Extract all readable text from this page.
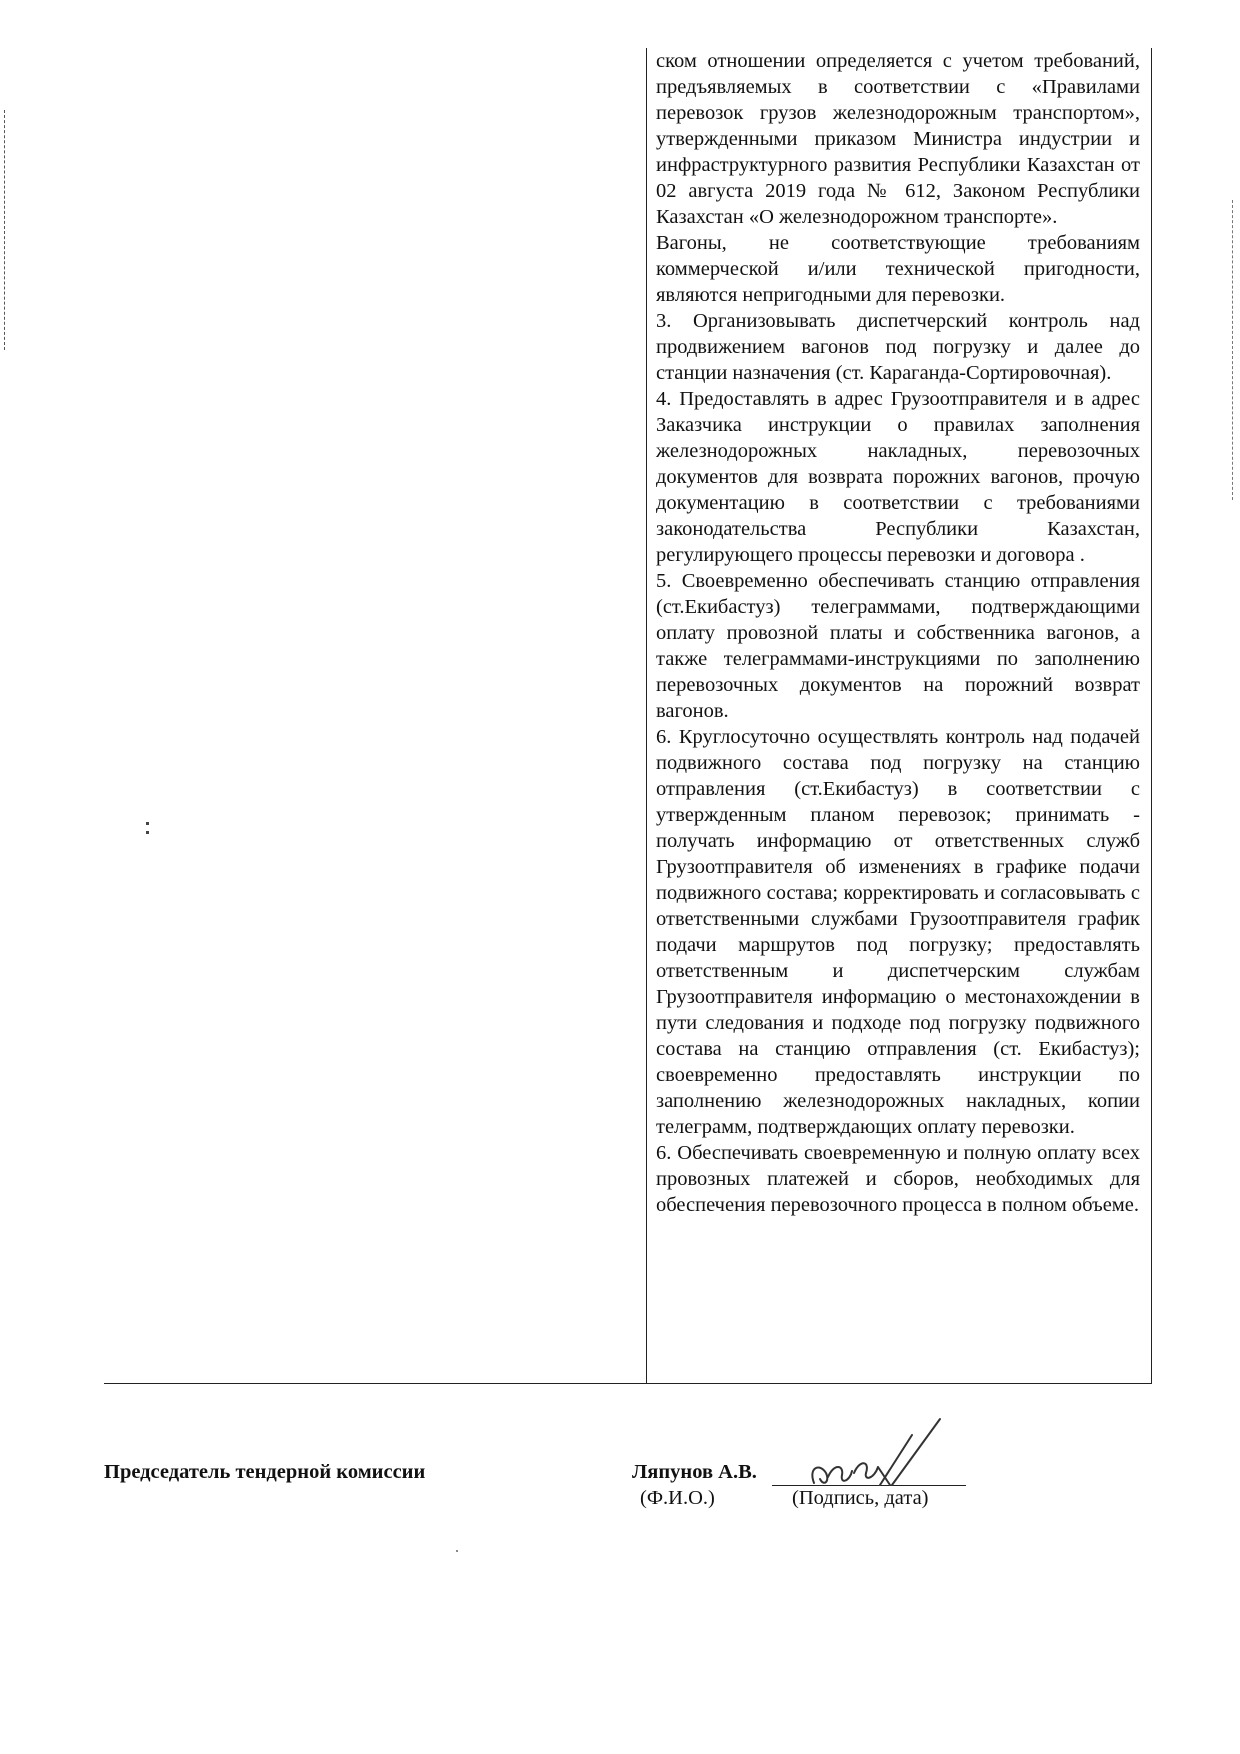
ском отношении определяется с учетом требований, предъявляемых в соответствии с «Правилами перевозок грузов железнодорожным транспортом», утвержденными приказом Министра индустрии и инфраструктурного развития Республики Казахстан от 02 августа 2019 года № 612, Законом Республики Казахстан «О железнодорожном транспорте».

Вагоны, не соответствующие требованиям коммерческой и/или технической пригодности, являются непригодными для перевозки.

3. Организовывать диспетчерский контроль над продвижением вагонов под погрузку и далее до станции назначения (ст. Караганда-Сортировочная).

4. Предоставлять в адрес Грузоотправителя и в адрес Заказчика инструкции о правилах заполнения железнодорожных накладных, перевозочных документов для возврата порожних вагонов, прочую документацию в соответствии с требованиями законодательства Республики Казахстан, регулирующего процессы перевозки и договора .

5. Своевременно обеспечивать станцию отправления (ст.Екибастуз) телеграммами, подтверждающими оплату провозной платы и собственника вагонов, а также телеграммами-инструкциями по заполнению перевозочных документов на порожний возврат вагонов.

6. Круглосуточно осуществлять контроль над подачей подвижного состава под погрузку на станцию отправления (ст.Екибастуз) в соответствии с утвержденным планом перевозок; принимать - получать информацию от ответственных служб Грузоотправителя об изменениях в графике подачи подвижного состава; корректировать и согласовывать с ответственными службами Грузоотправителя график подачи маршрутов под погрузку; предоставлять ответственным и диспетчерским службам Грузоотправителя информацию о местонахождении в пути следования и подходе под погрузку подвижного состава на станцию отправления (ст. Екибастуз); своевременно предоставлять инструкции по заполнению железнодорожных накладных, копии телеграмм, подтверждающих оплату перевозки.

6. Обеспечивать своевременную и полную оплату всех провозных платежей и сборов, необходимых для обеспечения перевозочного процесса в полном объеме.

Председатель тендерной комиссии	Ляпунов А.В.
(Ф.И.О.)	(Подпись, дата)
